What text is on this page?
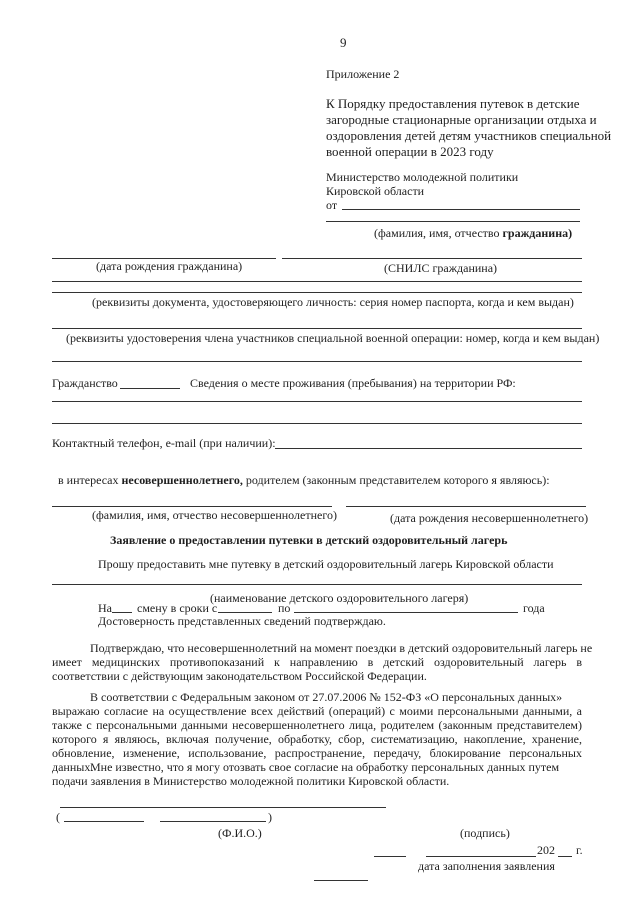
9
Приложение 2
К Порядку предоставления путевок в детские
загородные стационарные организации отдыха и
оздоровления детей детям участников специальной
военной операции в 2023 году
Министерство молодежной политики
Кировской области
от
(фамилия, имя, отчество гражданина)
(дата рождения гражданина)	(СНИЛС гражданина)
(реквизиты документа, удостоверяющего личность: серия номер паспорта, когда и кем выдан)
(реквизиты удостоверения члена участников специальной военной операции: номер, когда и кем выдан)
Гражданство	Сведения о месте проживания (пребывания) на территории РФ:
Контактный телефон, e-mail (при наличии):
в интересах несовершеннолетнего, родителем (законным представителем которого я являюсь):
(фамилия, имя, отчество несовершеннолетнего)	(дата рождения несовершеннолетнего)
Заявление о предоставлении путевки в детский оздоровительный лагерь
Прошу предоставить мне путевку в детский оздоровительный лагерь Кировской области
(наименование детского оздоровительного лагеря)
На смену в сроки с	по	года
Достоверность представленных сведений подтверждаю.
Подтверждаю, что несовершеннолетний на момент поездки в детский оздоровительный лагерь не
имеет медицинских противопоказаний к направлению в детский оздоровительный лагерь в соответствии с действующим законодательством Российской Федерации.
В соответствии с Федеральным законом от 27.07.2006 № 152-ФЗ «О персональных данных»
выражаю согласие на осуществление всех действий (операций) с моими персональными данными, а также с персональными данными несовершеннолетнего лица, родителем (законным представителем) которого я являюсь, включая получение, обработку, сбор, систематизацию, накопление, хранение, обновление, изменение, использование, распространение, передачу, блокирование персональных данных.
Мне известно, что я могу отозвать свое согласие на обработку персональных данных путем
подачи заявления в Министерство молодежной политики Кировской области.
(	)
(Ф.И.О.)	(подпись)
202 г.
дата заполнения заявления
